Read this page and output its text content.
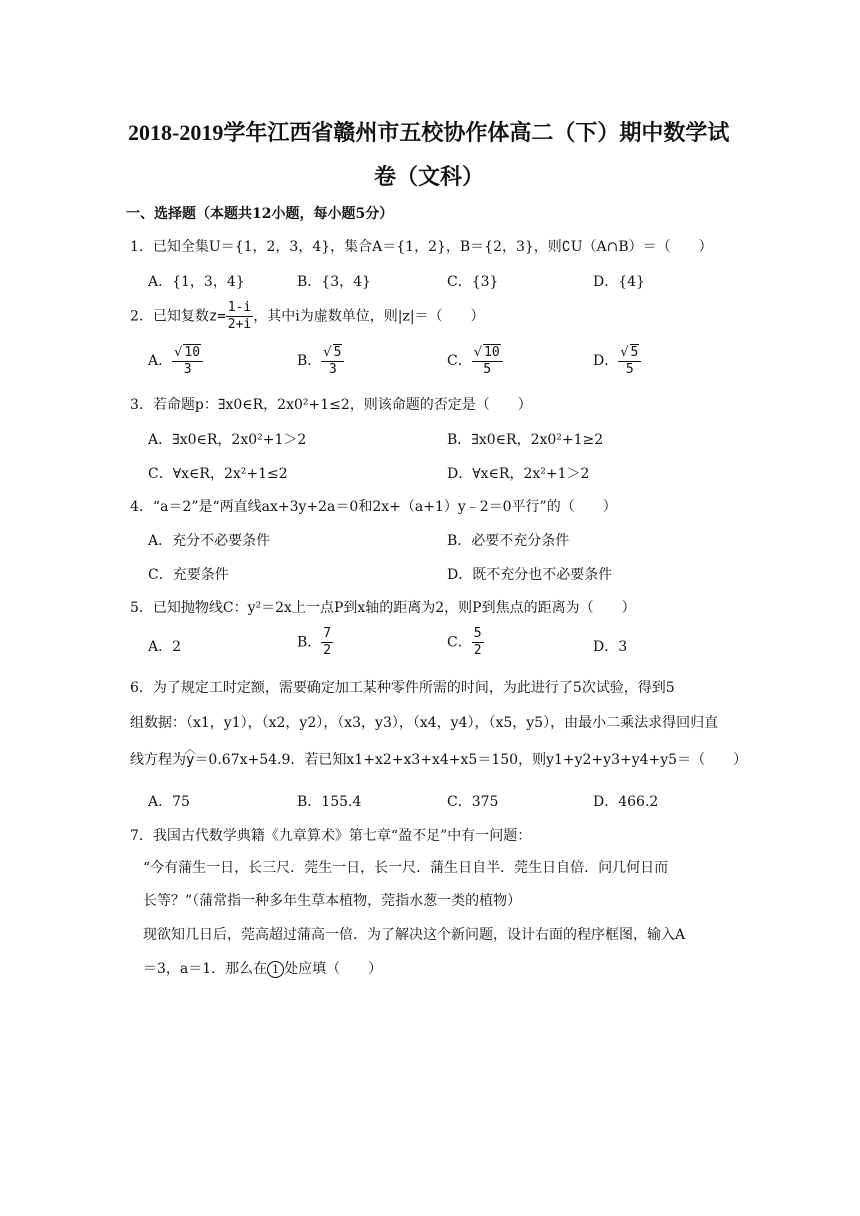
2018-2019学年江西省赣州市五校协作体高二（下）期中数学试
卷（文科）
一、选择题（本题共12小题，每小题5分）
1．已知全集U＝{1，2，3，4}，集合A＝{1，2}，B＝{2，3}，则∁U（A∩B）＝（　　）
A．{1，3，4}	B．{3，4}	C．{3}	D．{4}
2．已知复数$z= \frac{1-i}{2+i}$ ，其中i为虚数单位，则|z|＝（　　）
A． $\frac{√ 10}{3}$	B． $\frac{√ 5}{3}$	C． $\frac{√ 10}{5}$	D． $\frac{√ 5}{5}$
3．若命题p：∃x0∈R，2x0²+1≤2，则该命题的否定是（　　）
A．∃x0∈R，2x0²+1＞2	B．∃x0∈R，2x0²+1≥2
C．∀x∈R，2x²+1≤2	D．∀x∈R，2x²+1＞2
4．“a＝2”是“两直线ax+3y+2a＝0和2x+（a+1）y﹣2＝0平行”的（　　）
A．充分不必要条件	B．必要不充分条件
C．充要条件	D．既不充分也不必要条件
5．已知抛物线C：y²＝2x上一点P到x轴的距离为2，则P到焦点的距离为（　　）
A．2	B． $\frac{7}{2}$	C． $\frac{5}{2}$	D．3
6．为了规定工时定额，需要确定加工某种零件所需的时间，为此进行了5次试验，得到5
组数据：（x1，y1），（x2，y2），（x3，y3），（x4，y4），（x5，y5），由最小二乘法求得回归直
线方程为︿ y＝0.67x+54.9．若已知x1+x2+x3+x4+x5＝150，则y1+y2+y3+y4+y5＝（　　）
A．75	B．155.4	C．375	D．466.2
7．我国古代数学典籍《九章算术》第七章“盈不足”中有一问题：
“今有蒲生一日，长三尺．莞生一日，长一尺．蒲生日自半．莞生日自倍．问几何日而
长等？”（蒲常指一种多年生草本植物，莞指水葱一类的植物）
现欲知几日后，莞高超过蒲高一倍．为了解决这个新问题，设计右面的程序框图，输入A
＝3，a＝1．那么在 1 处应填（　　）
